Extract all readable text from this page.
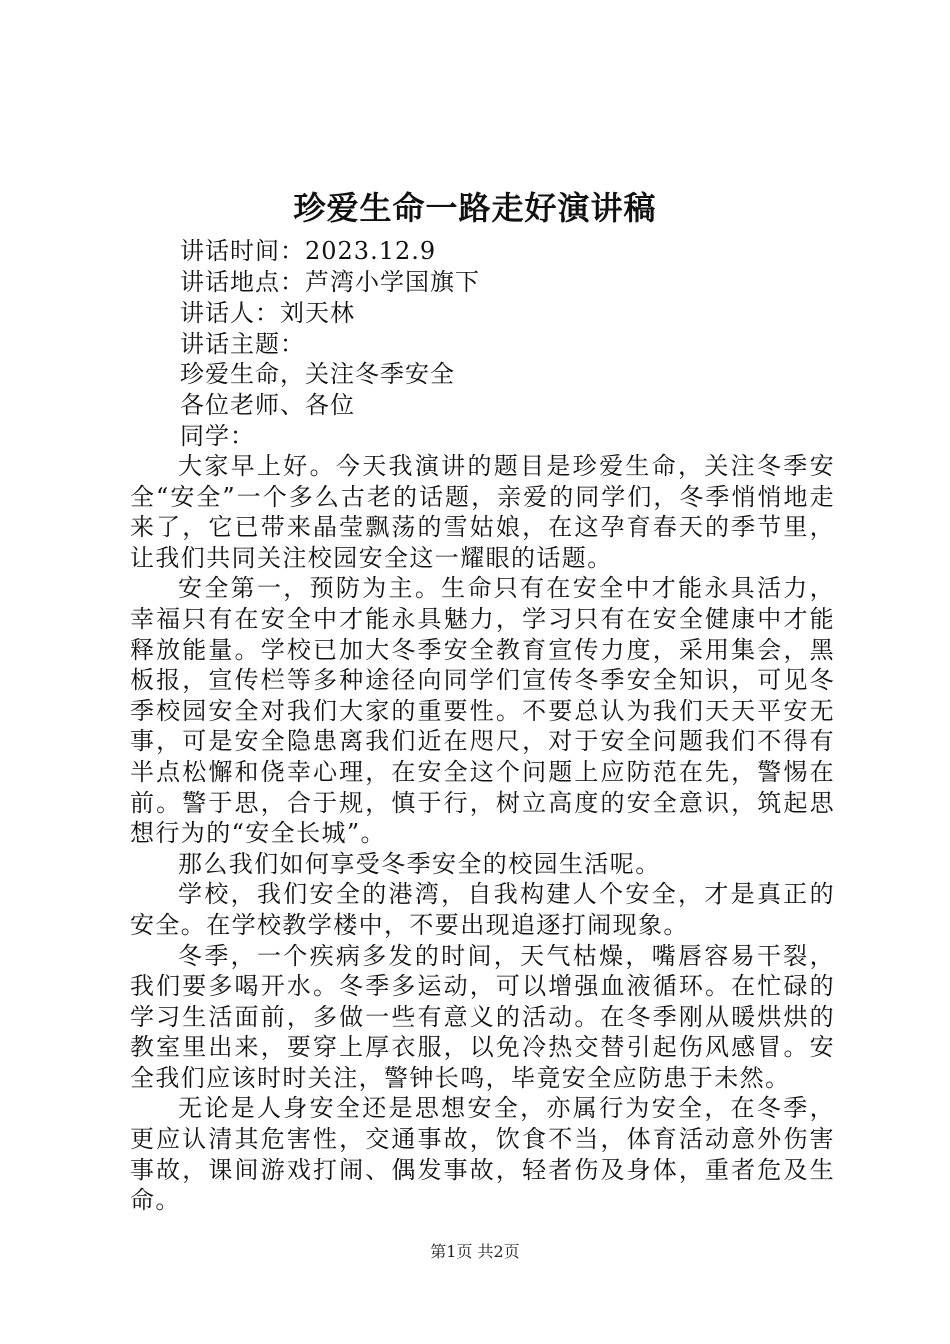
珍爱生命一路走好演讲稿
讲话时间：2023.12.9
讲话地点：芦湾小学国旗下
讲话人：刘天林
讲话主题：
珍爱生命，关注冬季安全
各位老师、各位
同学：

大家早上好。今天我演讲的题目是珍爱生命，关注冬季安全“安全”一个多么古老的话题，亲爱的同学们，冬季悄悄地走来了，它已带来晶莹飘荡的雪姑娘，在这孕育春天的季节里，让我们共同关注校园安全这一耀眼的话题。

安全第一，预防为主。生命只有在安全中才能永具活力，幸福只有在安全中才能永具魅力，学习只有在安全健康中才能释放能量。学校已加大冬季安全教育宣传力度，采用集会，黑板报，宣传栏等多种途径向同学们宣传冬季安全知识，可见冬季校园安全对我们大家的重要性。不要总认为我们天天平安无事，可是安全隐患离我们近在咫尺，对于安全问题我们不得有半点松懈和侥幸心理，在安全这个问题上应防范在先，警惕在前。警于思，合于规，慎于行，树立高度的安全意识，筑起思想行为的“安全长城”。

那么我们如何享受冬季安全的校园生活呢。

学校，我们安全的港湾，自我构建人个安全，才是真正的安全。在学校教学楼中，不要出现追逐打闹现象。

冬季，一个疾病多发的时间，天气枯燥，嘴唇容易干裂，我们要多喝开水。冬季多运动，可以增强血液循环。在忙碌的学习生活面前，多做一些有意义的活动。在冬季刚从暖烘烘的教室里出来，要穿上厚衣服，以免冷热交替引起伤风感冒。安全我们应该时时关注，警钟长鸣，毕竟安全应防患于未然。

无论是人身安全还是思想安全，亦属行为安全，在冬季，更应认清其危害性，交通事故，饮食不当，体育活动意外伤害事故，课间游戏打闹、偶发事故，轻者伤及身体，重者危及生命。

第1页 共2页
